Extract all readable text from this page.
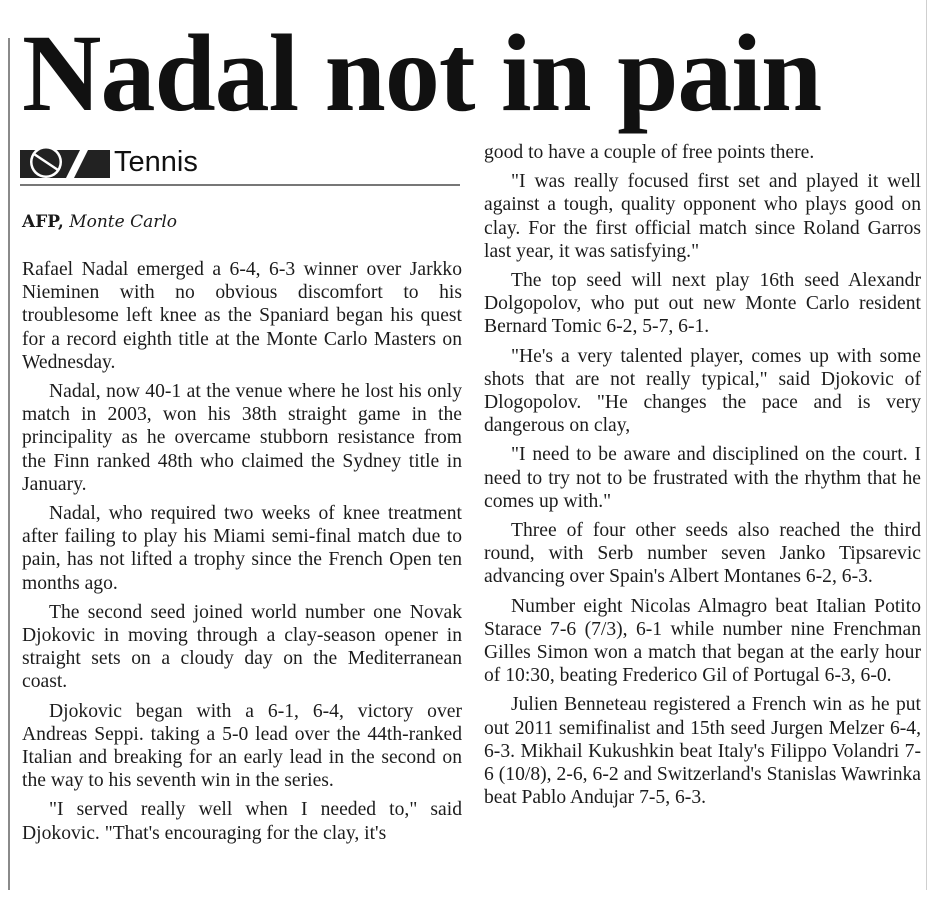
Nadal not in pain
Tennis
AFP, Monte Carlo

Rafael Nadal emerged a 6-4, 6-3 winner over Jarkko Nieminen with no obvious discomfort to his troublesome left knee as the Spaniard began his quest for a record eighth title at the Monte Carlo Masters on Wednesday.

Nadal, now 40-1 at the venue where he lost his only match in 2003, won his 38th straight game in the principality as he overcame stubborn resistance from the Finn ranked 48th who claimed the Sydney title in January.

Nadal, who required two weeks of knee treatment after failing to play his Miami semi-final match due to pain, has not lifted a trophy since the French Open ten months ago.

The second seed joined world number one Novak Djokovic in moving through a clay-season opener in straight sets on a cloudy day on the Mediterranean coast.

Djokovic began with a 6-1, 6-4, victory over Andreas Seppi. taking a 5-0 lead over the 44th-ranked Italian and breaking for an early lead in the second on the way to his seventh win in the series.

"I served really well when I needed to," said Djokovic. "That's encouraging for the clay, it's

good to have a couple of free points there.

"I was really focused first set and played it well against a tough, quality opponent who plays good on clay. For the first official match since Roland Garros last year, it was satisfying."

The top seed will next play 16th seed Alexandr Dolgopolov, who put out new Monte Carlo resident Bernard Tomic 6-2, 5-7, 6-1.

"He's a very talented player, comes up with some shots that are not really typical," said Djokovic of Dlogopolov. "He changes the pace and is very dangerous on clay,

"I need to be aware and disciplined on the court. I need to try not to be frustrated with the rhythm that he comes up with."

Three of four other seeds also reached the third round, with Serb number seven Janko Tipsarevic advancing over Spain's Albert Montanes 6-2, 6-3.

Number eight Nicolas Almagro beat Italian Potito Starace 7-6 (7/3), 6-1 while number nine Frenchman Gilles Simon won a match that began at the early hour of 10:30, beating Frederico Gil of Portugal 6-3, 6-0.

Julien Benneteau registered a French win as he put out 2011 semifinalist and 15th seed Jurgen Melzer 6-4, 6-3. Mikhail Kukushkin beat Italy's Filippo Volandri 7-6 (10/8), 2-6, 6-2 and Switzerland's Stanislas Wawrinka beat Pablo Andujar 7-5, 6-3.
